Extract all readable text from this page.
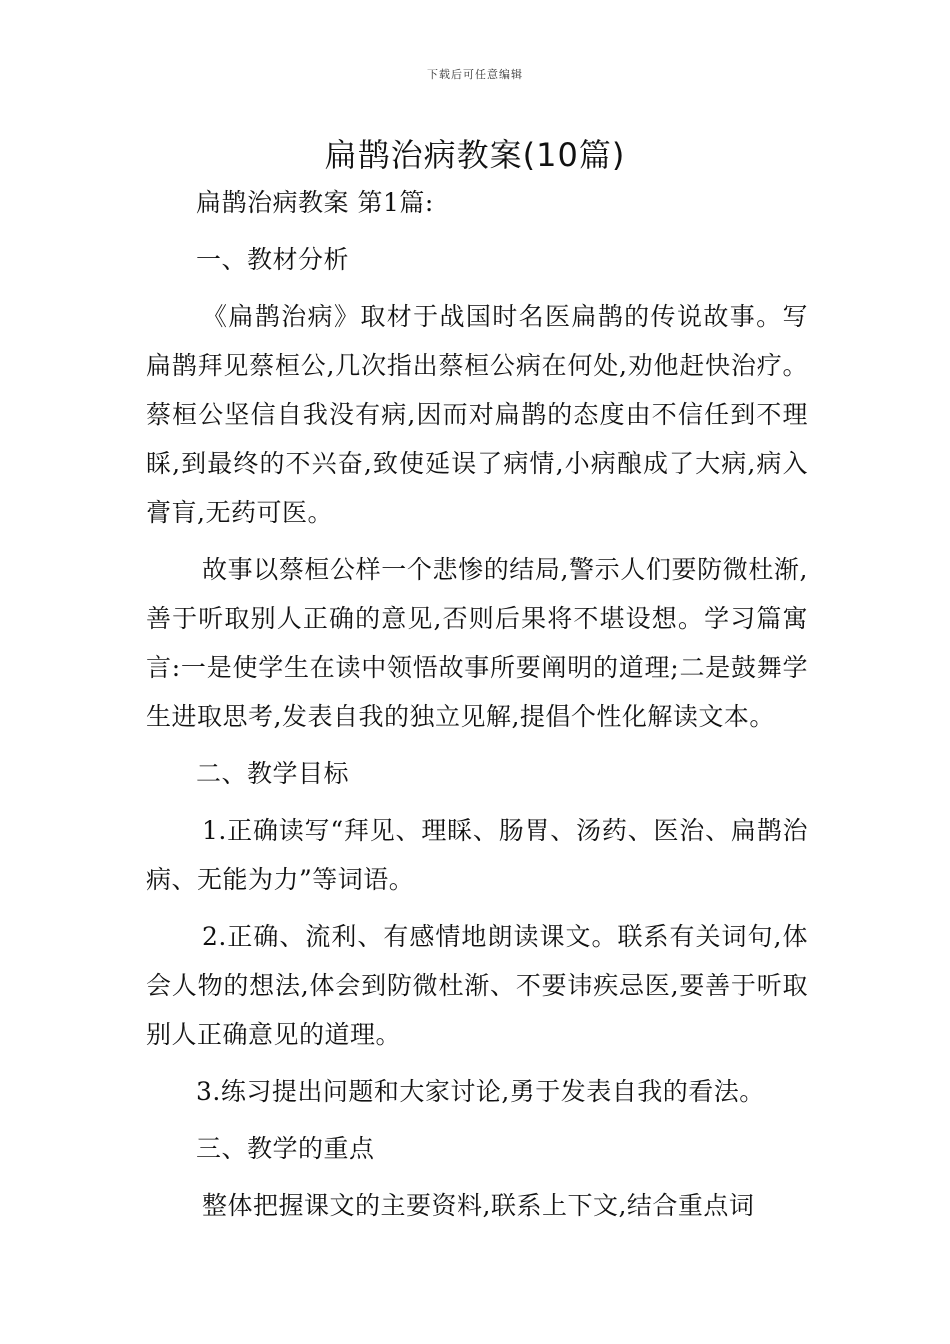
下载后可任意编辑
扁鹊治病教案(10篇)

扁鹊治病教案 第1篇:

一、教材分析

《扁鹊治病》取材于战国时名医扁鹊的传说故事。写扁鹊拜见蔡桓公,几次指出蔡桓公病在何处,劝他赶快治疗。蔡桓公坚信自我没有病,因而对扁鹊的态度由不信任到不理睬,到最终的不兴奋,致使延误了病情,小病酿成了大病,病入膏肓,无药可医。

故事以蔡桓公样一个悲惨的结局,警示人们要防微杜渐,善于听取别人正确的意见,否则后果将不堪设想。学习篇寓言:一是使学生在读中领悟故事所要阐明的道理;二是鼓舞学生进取思考,发表自我的独立见解,提倡个性化解读文本。

二、教学目标

1.正确读写“拜见、理睬、肠胃、汤药、医治、扁鹊治病、无能为力”等词语。

2.正确、流利、有感情地朗读课文。联系有关词句,体会人物的想法,体会到防微杜渐、不要讳疾忌医,要善于听取别人正确意见的道理。

3.练习提出问题和大家讨论,勇于发表自我的看法。

三、教学的重点

整体把握课文的主要资料,联系上下文,结合重点词
